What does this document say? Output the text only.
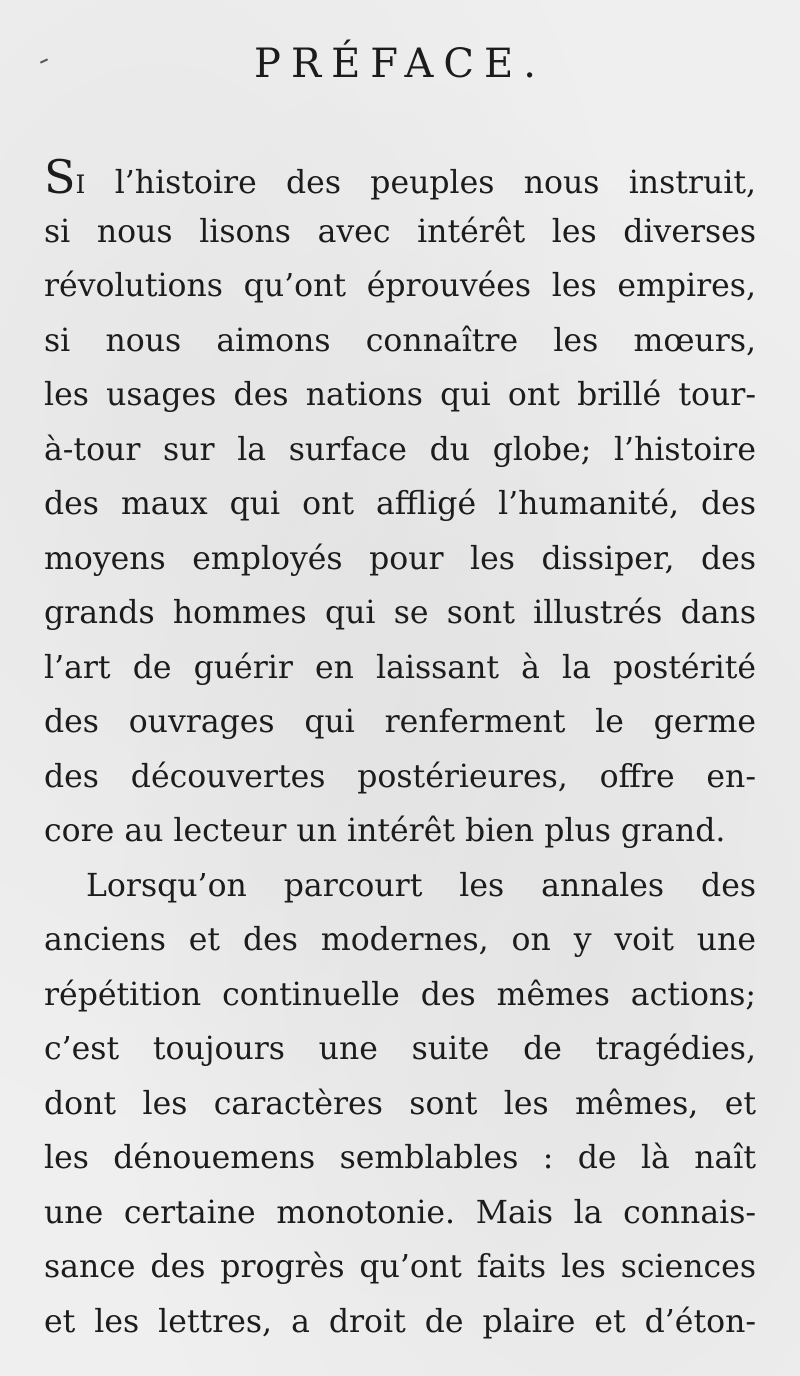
PRÉFACE.
SI l’histoire des peuples nous instruit,
si nous lisons avec intérêt les diverses
révolutions qu’ont éprouvées les empires,
si nous aimons connaître les mœurs,
les usages des nations qui ont brillé tour-
à-tour sur la surface du globe; l’histoire
des maux qui ont affligé l’humanité, des
moyens employés pour les dissiper, des
grands hommes qui se sont illustrés dans
l’art de guérir en laissant à la postérité
des ouvrages qui renferment le germe
des découvertes postérieures, offre en-
core au lecteur un intérêt bien plus grand.
Lorsqu’on parcourt les annales des
anciens et des modernes, on y voit une
répétition continuelle des mêmes actions;
c’est toujours une suite de tragédies,
dont les caractères sont les mêmes, et
les dénouemens semblables : de là naît
une certaine monotonie. Mais la connais-
sance des progrès qu’ont faits les sciences
et les lettres, a droit de plaire et d’éton-
